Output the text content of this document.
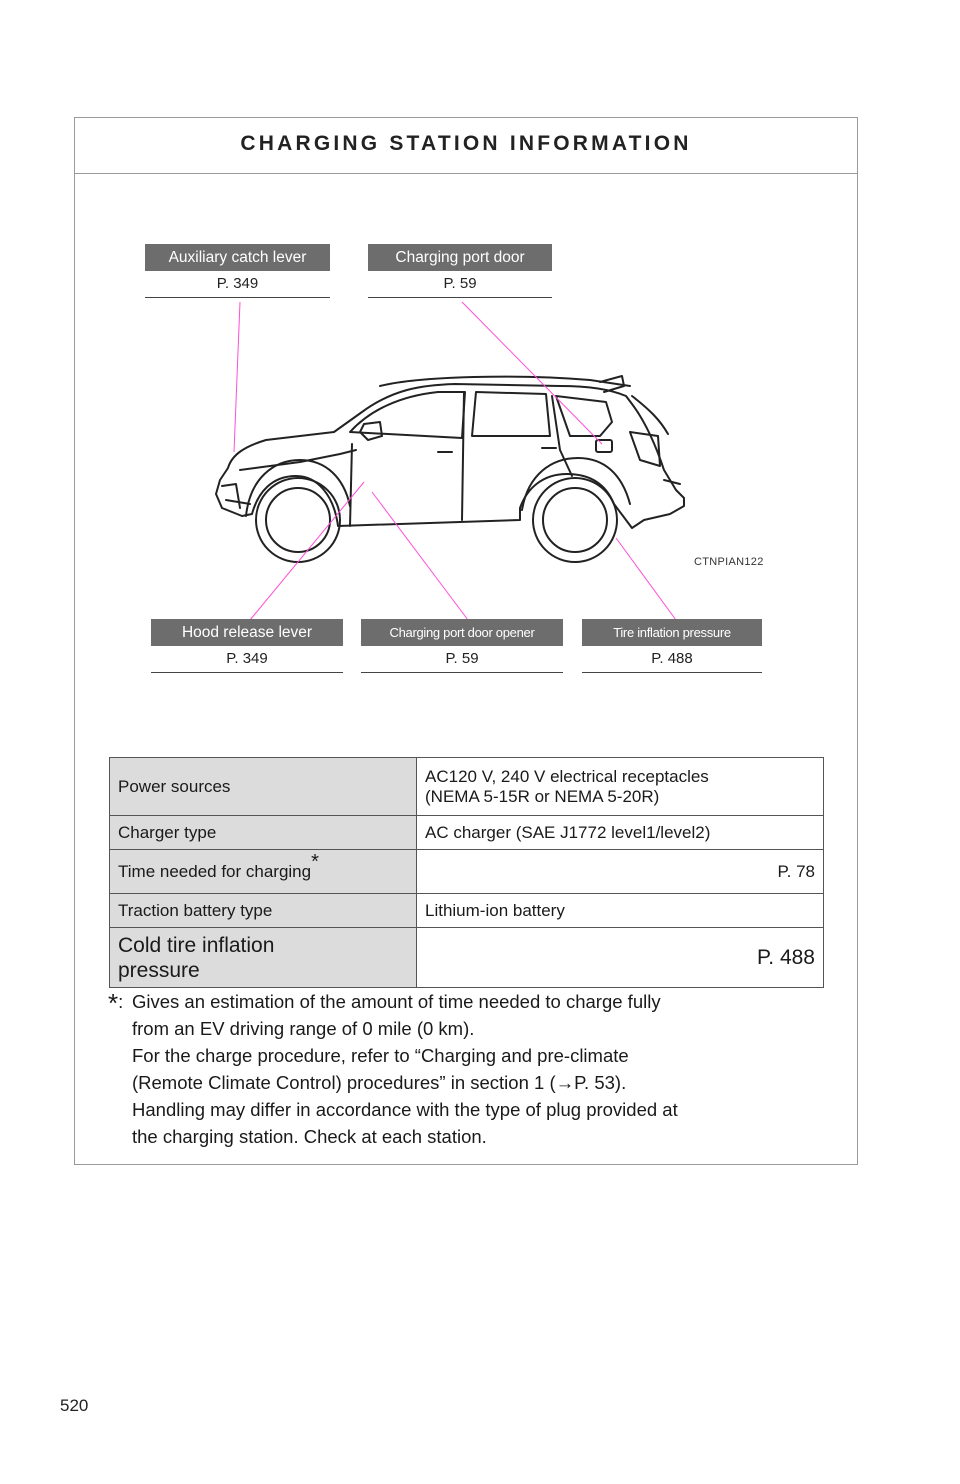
CHARGING STATION INFORMATION
CTNPIAN122
Auxiliary catch lever
P. 349
Charging port door
P. 59
Hood release lever
P. 349
Charging port door opener
P. 59
Tire inflation pressure
P. 488
Power sources	AC120 V, 240 V electrical receptacles
(NEMA 5-15R or NEMA 5-20R)

Charger type	AC charger (SAE J1772 level1/level2)
Time needed for charging*	P. 78
Traction battery type	Lithium-ion battery

Cold tire inflation
pressure	P. 488
*: Gives an estimation of the amount of time needed to charge fully

from an EV driving range of 0 mile (0 km).

For the charge procedure, refer to “Charging and pre-climate

(Remote Climate Control) procedures” in section 1 (→P. 53).

Handling may differ in accordance with the type of plug provided at

the charging station. Check at each station.

520
